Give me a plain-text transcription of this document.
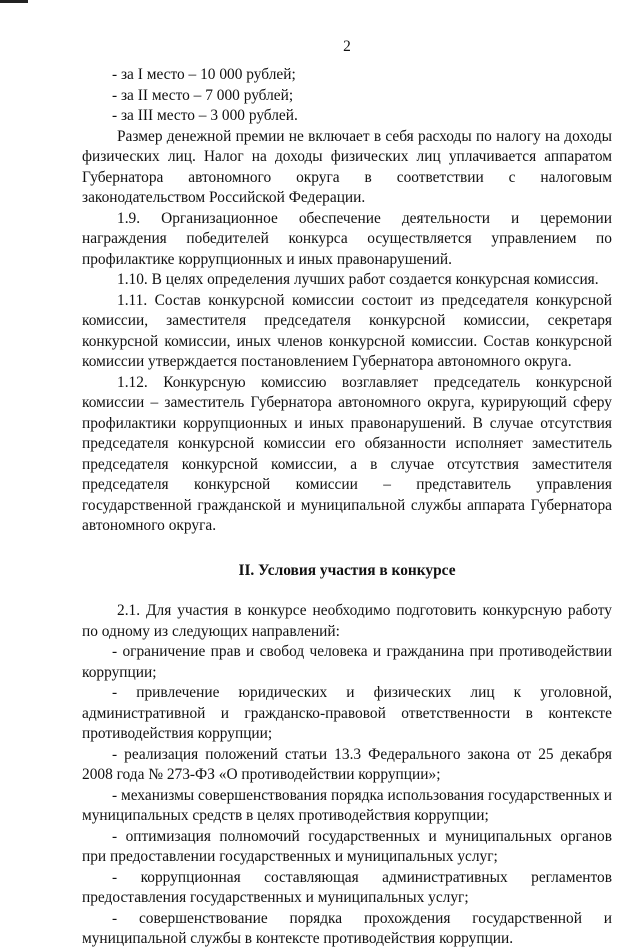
2

- за I место – 10 000 рублей;

- за II место – 7 000 рублей;

- за III место – 3 000 рублей.

Размер денежной премии не включает в себя расходы по налогу на доходы физических лиц. Налог на доходы физических лиц уплачивается аппаратом Губернатора автономного округа в соответствии с налоговым законодательством Российской Федерации.

1.9. Организационное обеспечение деятельности и церемонии награждения победителей конкурса осуществляется управлением по профилактике коррупционных и иных правонарушений.

1.10. В целях определения лучших работ создается конкурсная комиссия.

1.11. Состав конкурсной комиссии состоит из председателя конкурсной комиссии, заместителя председателя конкурсной комиссии, секретаря конкурсной комиссии, иных членов конкурсной комиссии. Состав конкурсной комиссии утверждается постановлением Губернатора автономного округа.

1.12. Конкурсную комиссию возглавляет председатель конкурсной комиссии – заместитель Губернатора автономного округа, курирующий сферу профилактики коррупционных и иных правонарушений. В случае отсутствия председателя конкурсной комиссии его обязанности исполняет заместитель председателя конкурсной комиссии, а в случае отсутствия заместителя председателя конкурсной комиссии – представитель управления государственной гражданской и муниципальной службы аппарата Губернатора автономного округа.

II. Условия участия в конкурсе

2.1. Для участия в конкурсе необходимо подготовить конкурсную работу по одному из следующих направлений:

- ограничение прав и свобод человека и гражданина при противодействии коррупции;

- привлечение юридических и физических лиц к уголовной, административной и гражданско-правовой ответственности в контексте противодействия коррупции;

- реализация положений статьи 13.3 Федерального закона от 25 декабря 2008 года № 273-ФЗ «О противодействии коррупции»;

- механизмы совершенствования порядка использования государственных и муниципальных средств в целях противодействия коррупции;

- оптимизация полномочий государственных и муниципальных органов при предоставлении государственных и муниципальных услуг;

- коррупционная составляющая административных регламентов предоставления государственных и муниципальных услуг;

- совершенствование порядка прохождения государственной и муниципальной службы в контексте противодействия коррупции.
